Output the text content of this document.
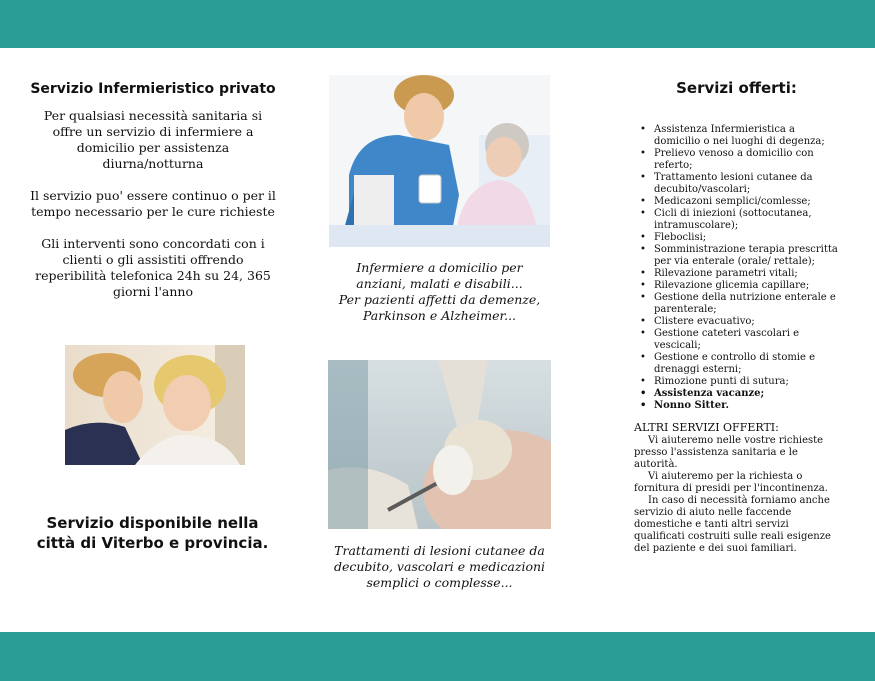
Servizio Infermieristico privato

Per qualsiasi necessità sanitaria si offre un servizio di infermiere a domicilio per assistenza diurna/notturna

Il servizio puo' essere continuo o per il tempo necessario per le cure richieste

Gli interventi sono concordati con i clienti o gli assistiti offrendo reperibilità telefonica 24h su 24, 365 giorni l'anno

Servizio disponibile nella città di Viterbo e provincia.
Infermiere a domicilio per anziani, malati e disabili...
Per pazienti affetti da demenze, Parkinson e Alzheimer...
Trattamenti di lesioni cutanee da decubito, vascolari e medicazioni semplici o complesse...
Servizi offerti:
• Assistenza Infermieristica a domicilio o nei luoghi di degenza;
• Prelievo venoso a domicilio con referto;
• Trattamento lesioni cutanee da decubito/vascolari;
• Medicazoni semplici/comlesse;
• Cicli di iniezioni (sottocutanea, intramuscolare);
• Fleboclisi;
• Somministrazione terapia prescritta per via enterale (orale/ rettale);
• Rilevazione parametri vitali;
• Rilevazione glicemia capillare;
• Gestione della nutrizione enterale e parenterale;
• Clistere evacuativo;
• Gestione cateteri vascolari e vescicali;
• Gestione e controllo di stomie e drenaggi esterni;
• Rimozione punti di sutura;
• Assistenza vacanze;
• Nonno Sitter.
ALTRI SERVIZI OFFERTI:
Vi aiuteremo nelle vostre richieste presso l'assistenza sanitaria e le autorità.
Vi aiuteremo per la richiesta o fornitura di presidi per l'incontinenza.
In caso di necessità forniamo anche servizio di aiuto nelle faccende domestiche e tanti altri servizi qualificati costruiti sulle reali esigenze del paziente e dei suoi familiari.
